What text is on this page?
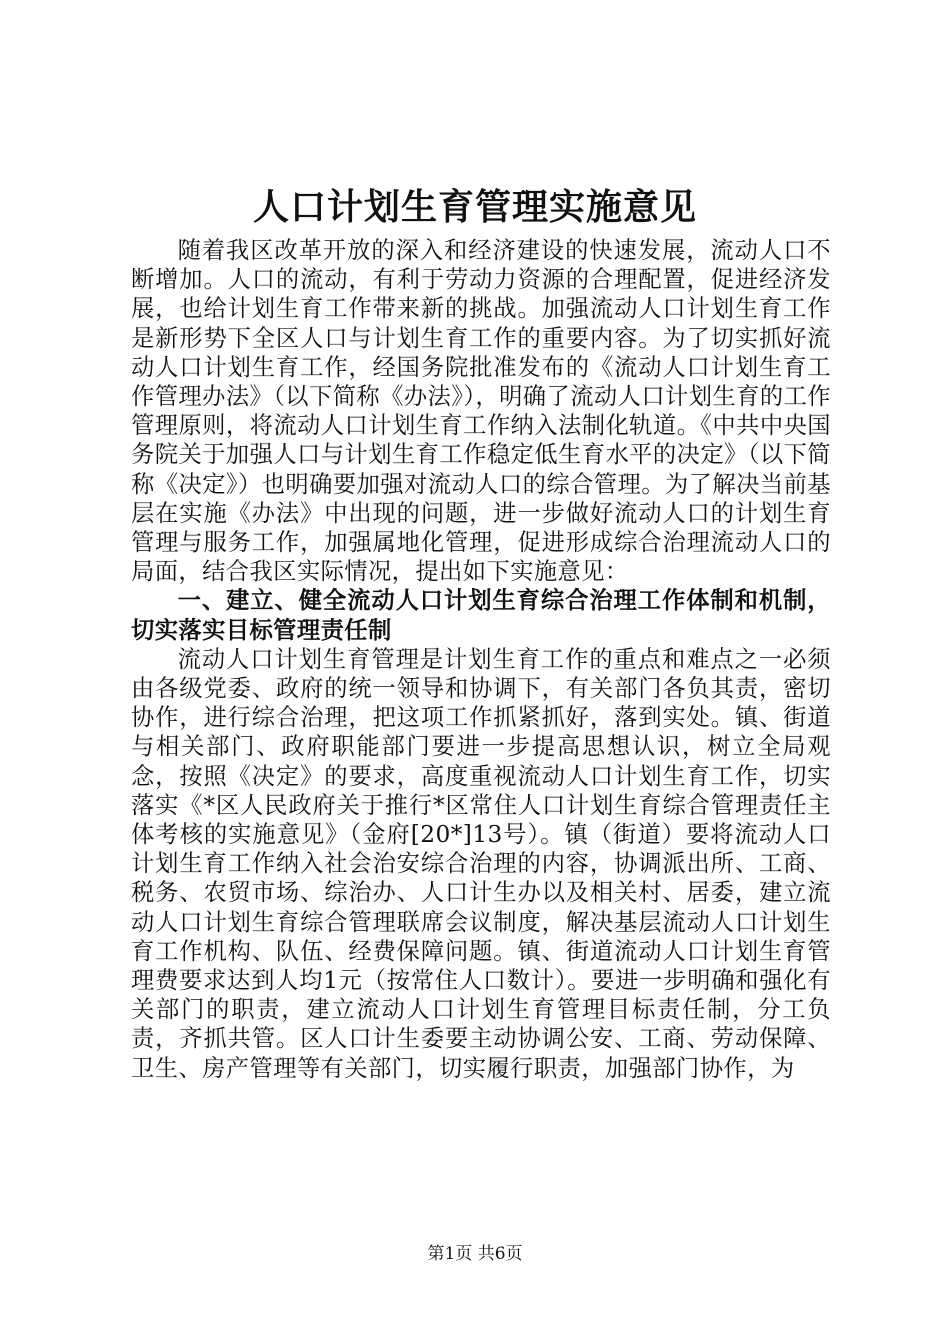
人口计划生育管理实施意见

随着我区改革开放的深入和经济建设的快速发展，流动人口不断增加。人口的流动，有利于劳动力资源的合理配置，促进经济发展，也给计划生育工作带来新的挑战。加强流动人口计划生育工作是新形势下全区人口与计划生育工作的重要内容。为了切实抓好流动人口计划生育工作，经国务院批准发布的《流动人口计划生育工作管理办法》（以下简称《办法》），明确了流动人口计划生育的工作管理原则，将流动人口计划生育工作纳入法制化轨道。《中共中央国务院关于加强人口与计划生育工作稳定低生育水平的决定》（以下简称《决定》）也明确要加强对流动人口的综合管理。为了解决当前基层在实施《办法》中出现的问题，进一步做好流动人口的计划生育管理与服务工作，加强属地化管理，促进形成综合治理流动人口的局面，结合我区实际情况，提出如下实施意见：

一、建立、健全流动人口计划生育综合治理工作体制和机制，切实落实目标管理责任制

流动人口计划生育管理是计划生育工作的重点和难点之一必须由各级党委、政府的统一领导和协调下，有关部门各负其责，密切协作，进行综合治理，把这项工作抓紧抓好，落到实处。镇、街道与相关部门、政府职能部门要进一步提高思想认识，树立全局观念，按照《决定》的要求，高度重视流动人口计划生育工作，切实落实《*区人民政府关于推行*区常住人口计划生育综合管理责任主体考核的实施意见》（金府[20*]13号）。镇（街道）要将流动人口计划生育工作纳入社会治安综合治理的内容，协调派出所、工商、税务、农贸市场、综治办、人口计生办以及相关村、居委，建立流动人口计划生育综合管理联席会议制度，解决基层流动人口计划生育工作机构、队伍、经费保障问题。镇、街道流动人口计划生育管理费要求达到人均1元（按常住人口数计）。要进一步明确和强化有关部门的职责，建立流动人口计划生育管理目标责任制，分工负责，齐抓共管。区人口计生委要主动协调公安、工商、劳动保障、卫生、房产管理等有关部门，切实履行职责，加强部门协作，为

第1页 共6页
